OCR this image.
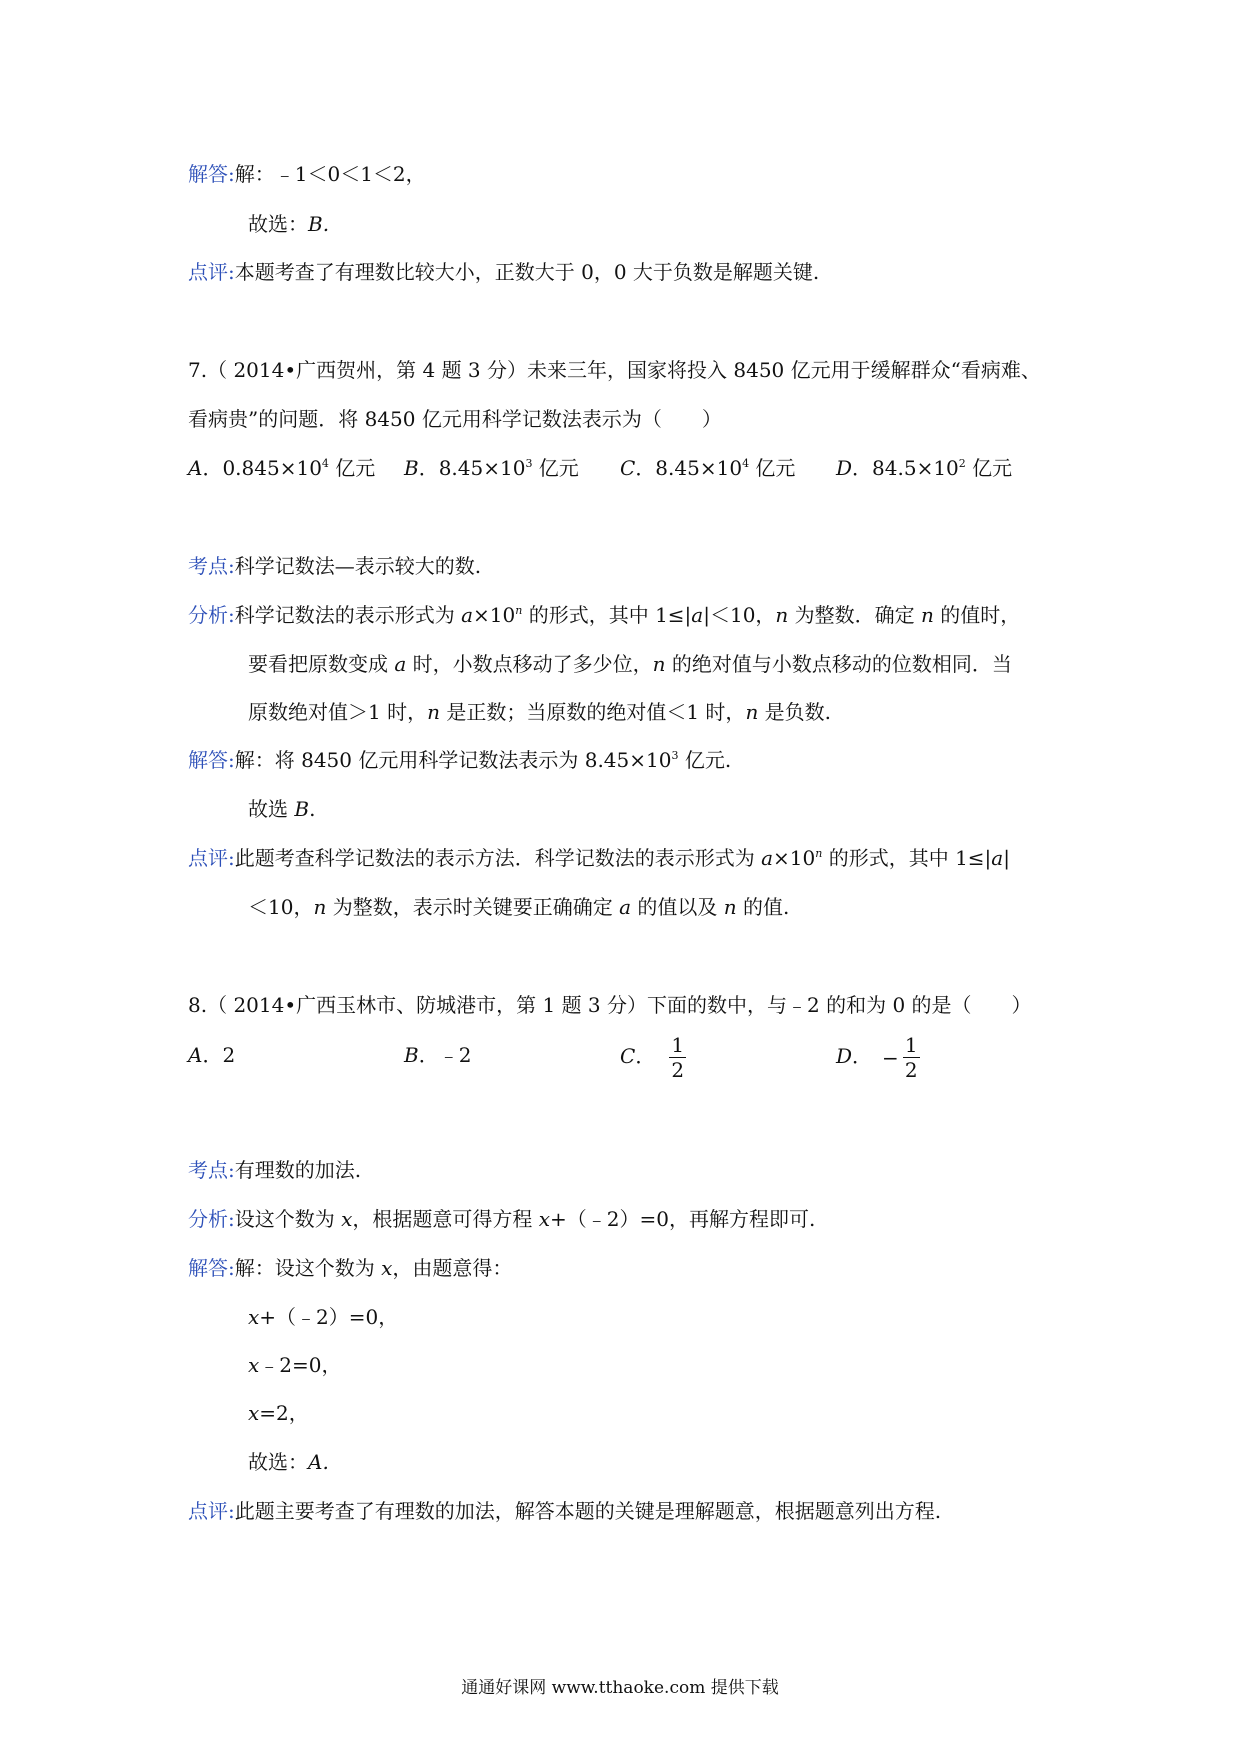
解答:解：﹣1＜0＜1＜2，
故选：B.
点评:本题考查了有理数比较大小，正数大于 0，0 大于负数是解题关键.
7.（ 2014•广西贺州，第 4 题 3 分）未来三年，国家将投入 8450 亿元用于缓解群众“看病难、
看病贵”的问题．将 8450 亿元用科学记数法表示为（　　）
A．$0.845\times 10^4$ 亿元 B．$8.45\times 10^3$ 亿元 C．$8.45\times 10^4$ 亿元 D．$84.5\times 10^2$ 亿元
考点:科学记数法—表示较大的数.
分析:科学记数法的表示形式为 $a\times 10^n$ 的形式，其中 1≤|a|＜10，n 为整数．确定 n 的值时，
要看把原数变成 a 时，小数点移动了多少位，n 的绝对值与小数点移动的位数相同．当
原数绝对值＞1 时，n 是正数；当原数的绝对值＜1 时，n 是负数.
解答:解：将 8450 亿元用科学记数法表示为 $8.45\times 10^3$ 亿元.
故选 B.
点评:此题考查科学记数法的表示方法．科学记数法的表示形式为 $a\times 10^n$ 的形式，其中 1≤|a|
＜10，n 为整数，表示时关键要正确确定 a 的值以及 n 的值.
8.（ 2014•广西玉林市、防城港市，第 1 题 3 分）下面的数中，与﹣2 的和为 0 的是（　　）
A．2	B．﹣2	C． $\frac{1}{2}$	D． − $\frac{1}{2}$
考点:有理数的加法.
分析:设这个数为 x，根据题意可得方程 x+（﹣2）=0，再解方程即可.
解答:解：设这个数为 x，由题意得：
x+（﹣2）=0，
x﹣2=0，
x=2，
故选：A.
点评:此题主要考查了有理数的加法，解答本题的关键是理解题意，根据题意列出方程.
通通好课网 www.tthaoke.com 提供下载
